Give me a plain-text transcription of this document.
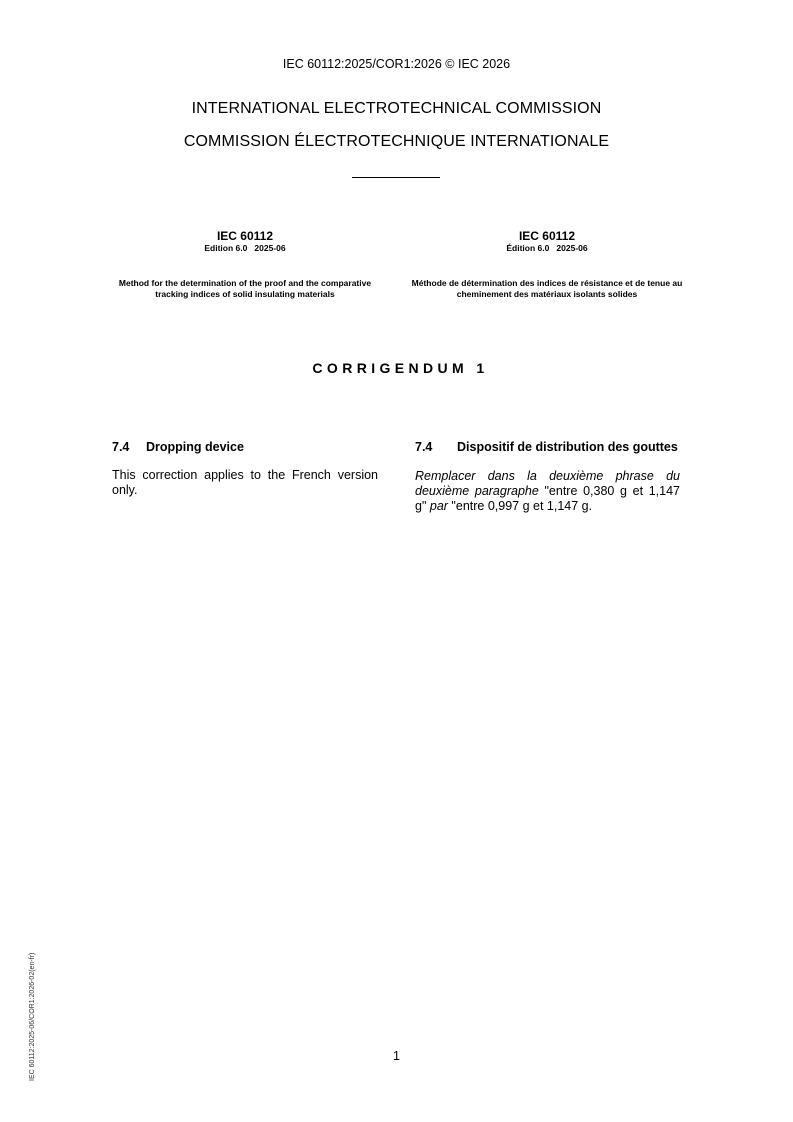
IEC 60112:2025/COR1:2026 © IEC 2026
INTERNATIONAL ELECTROTECHNICAL COMMISSION
COMMISSION ÉLECTROTECHNIQUE INTERNATIONALE
IEC 60112
Edition 6.0   2025-06
Method for the determination of the proof and the comparative tracking indices of solid insulating materials
IEC 60112
Édition 6.0   2025-06
Méthode de détermination des indices de résistance et de tenue au cheminement des matériaux isolants solides
CORRIGENDUM 1
7.4	Dropping device
This correction applies to the French version only.
7.4	Dispositif de distribution des gouttes
Remplacer dans la deuxième phrase du deuxième paragraphe "entre 0,380 g et 1,147 g" par "entre 0,997 g et 1,147 g.
1
IEC 60112:2025-06/COR1:2026-02(en-fr)
